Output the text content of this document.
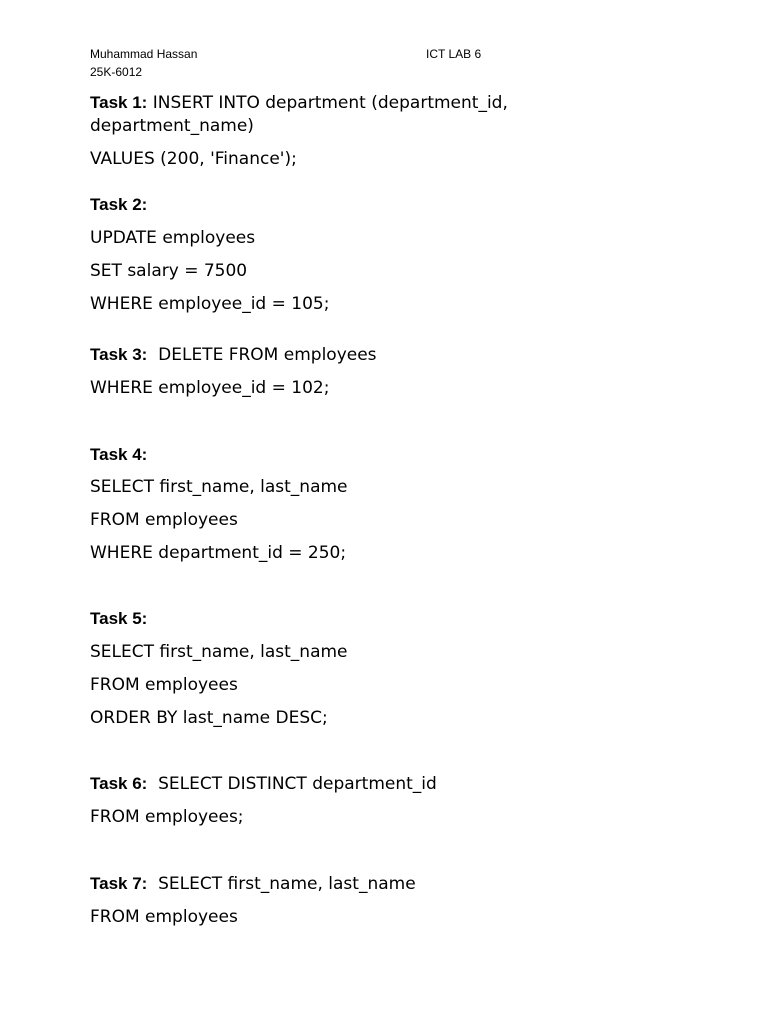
Muhammad Hassan
25K-6012
ICT LAB 6
Task 1: INSERT INTO department (department_id,
department_name)
VALUES (200, 'Finance');
Task 2:
UPDATE employees
SET salary = 7500
WHERE employee_id = 105;
Task 3: DELETE FROM employees
WHERE employee_id = 102;
Task 4:
SELECT first_name, last_name
FROM employees
WHERE department_id = 250;
Task 5:
SELECT first_name, last_name
FROM employees
ORDER BY last_name DESC;
Task 6: SELECT DISTINCT department_id
FROM employees;
Task 7:  SELECT first_name, last_name
FROM employees
